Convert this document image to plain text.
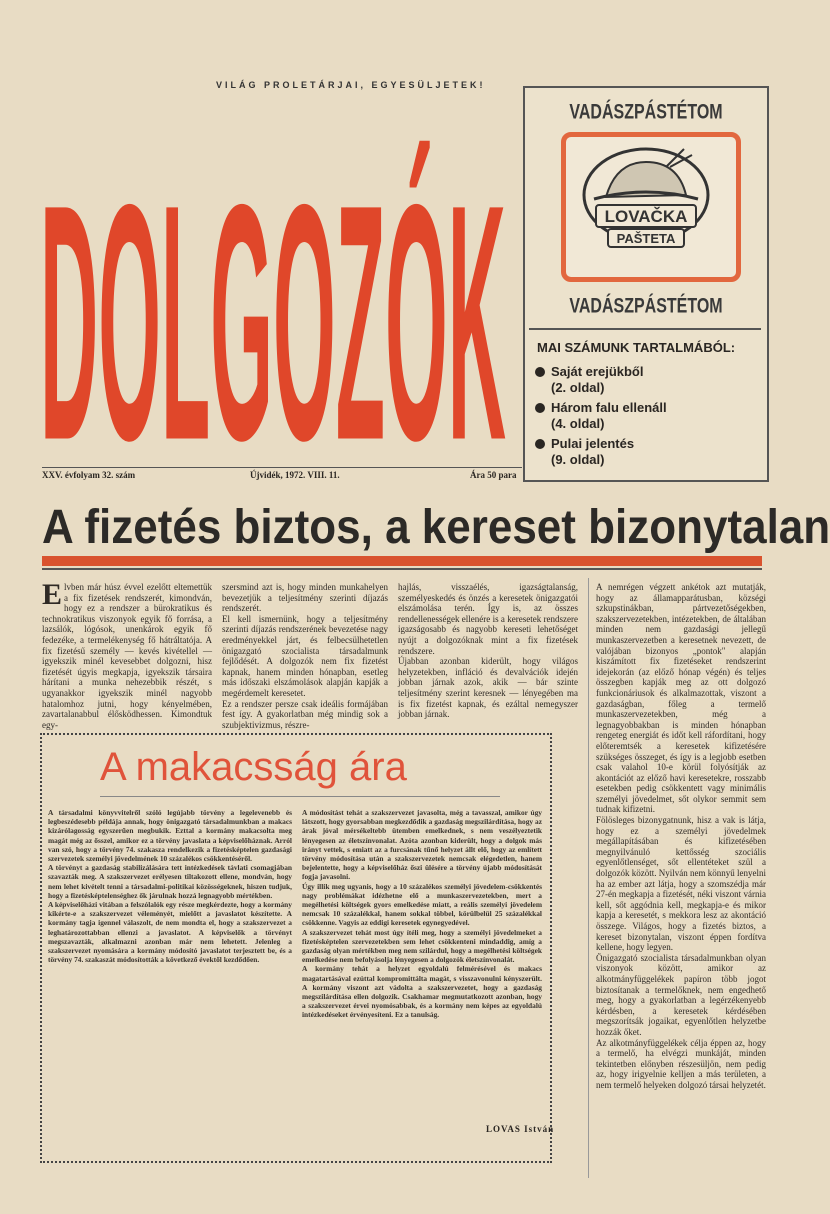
VILÁG PROLETÁRJAI, EGYESÜLJETEK!
DOLGOZÓK
XXV. évfolyam 32. szám	Újvidék, 1972. VIII. 11.	Ára 50 para
VADÁSZPÁSTÉTOM
LOVAČKA
PAŠTETA
VADÁSZPÁSTÉTOM
MAI SZÁMUNK TARTALMÁBÓL:
Saját erejükből
(2. oldal)
Három falu ellenáll
(4. oldal)
Pulai jelentés
(9. oldal)
A fizetés biztos, a kereset bizonytalan
Elvben már húsz évvel ezelőtt eltemettük a fix fizetések rendszerét, kimondván, hogy ez a rendszer a bürokratikus és technokratikus viszonyok egyik fő forrása, a lazsálók, lógósok, unenkárok egyik fő fedezéke, a termelékenység fő hátráltatója. A fix fizetésű személy — kevés kivétellel — igyekszik minél kevesebbet dolgozni, hisz fizetését úgyis megkapja, igyekszik társaira hárítani a munka nehezebbik részét, s ugyanakkor igyekszik minél nagyobb hatalomhoz jutni, hogy kényelmében, zavartalanabbul élősködhessen. Kimondtuk egy-
szersmind azt is, hogy minden munkahelyen bevezetjük a teljesítmény szerinti díjazás rendszerét.
El kell ismernünk, hogy a teljesítmény szerinti díjazás rendszerének bevezetése nagy eredményekkel járt, és felbecsülhetetlen önigazgató szocialista társadalmunk fejlődését. A dolgozók nem fix fizetést kapnak, hanem minden hónapban, esetleg más időszaki elszámolások alapján kapják a megérdemelt keresetet.
Ez a rendszer persze csak ideális formájában fest így. A gyakorlatban még mindig sok a szubjektivizmus, részre-
hajlás, visszaélés, igazságtalanság, személyeskedés és önzés a keresetek önigazgatói elszámolása terén. Így is, az összes rendellenességek ellenére is a keresetek rendszere igazságosabb és nagyobb kereseti lehetőséget nyújt a dolgozóknak mint a fix fizetések rendszere.
Újabban azonban kiderült, hogy világos helyzetekben, infláció és devalvációk idején jobban járnak azok, akik — bár szinte teljesítmény szerint keresnek — lényegében ma is fix fizetést kapnak, és ezáltal nemegyszer jobban járnak.
A nemrégen végzett ankétok azt mutatják, hogy az államapparátusban, községi szkupstinákban, pártvezetőségekben, szakszervezetekben, intézetekben, de általában minden nem gazdasági jellegű munkaszervezetben a keresetnek nevezett, de valójában bizonyos „pontok" alapján kiszámított fix fizetéseket rendszerint idejekorán (az előző hónap végén) és teljes összegben kapják meg az ott dolgozó funkcionáriusok és alkalmazottak, viszont a gazdaságban, főleg a termelő munkaszervezetekben, még a legnagyobbakban is minden hónapban rengeteg energiát és időt kell ráfordítani, hogy előteremtsék a keresetek kifizetésére szükséges összeget, és így is a legjobb esetben csak valahol 10-e körül folyósítják az akontációt az előző havi keresetekre, rosszabb esetekben pedig csökkentett vagy minimális személyi jövedelmet, sőt olykor semmit sem tudnak kifizetni.
Fölösleges bizonygatnunk, hisz a vak is látja, hogy ez a személyi jövedelmek megállapításában és kifizetésében megnyilvánuló kettősség szociális egyenlőtlenséget, sőt ellentéteket szül a dolgozók között. Nyilván nem könnyű lenyelni ha az ember azt látja, hogy a szomszédja már 27-én megkapja a fizetését, néki viszont várnia kell, sőt aggódnia kell, megkapja-e és mikor kapja a keresetét, s mekkora lesz az akontáció összege. Világos, hogy a fizetés biztos, a kereset bizonytalan, viszont éppen fordítva kellene, hogy legyen.
Önigazgató szocialista társadalmunkban olyan viszonyok között, amikor az alkotmányfüggelékek papíron több jogot biztosítanak a termelőknek, nem engedhető meg, hogy a gyakorlatban a legérzékenyebb kérdésben, a keresetek kérdésében megszorítsák jogaikat, egyenlőtlen helyzetbe hozzák őket.
Az alkotmányfüggelékek célja éppen az, hogy a termelő, ha elvégzi munkáját, minden tekintetben előnyben részesüljön, nem pedig az, hogy irigyelnie kelljen a más területen, a nem termelő helyeken dolgozó társai helyzetét.
A makacsság ára
A társadalmi könyvvitelről szóló legújabb törvény a legelevenebb és legbeszédesebb példája annak, hogy önigazgató társadalmunkban a makacs kizárólagosság egyszerűen megbukik. Ezttal a kormány makacsolta meg magát még az ősszel, amikor ez a törvény javaslata a képviselőháznak. Arról van szó, hogy a törvény 74. szakasza rendelkezik a fizetésképtelen gazdasági szervezetek személyi jövedelmének 10 százalékos csökkentéséről.
A törvényt a gazdaság stabilizálására tett intézkedések távlati csomagjában szavazták meg. A szakszervezet erélyesen tiltakozott ellene, mondván, hogy nem lehet kivételt tenni a társadalmi-politikai közösségeknek, hiszen tudjuk, hogy a fizetésképtelenséghez ők járulnak hozzá legnagyobb mértékben.
A képviselőházi vitában a felszólalók egy része megkérdezte, hogy a kormány kikérte-e a szakszervezet véleményét, mielőtt a javaslatot készítette. A kormány tagja igennel válaszolt, de nem mondta el, hogy a szakszervezet a leghatározottabban ellenzi a javaslatot. A képviselők a törvényt megszavazták, alkalmazni azonban már nem lehetett. Jelenleg a szakszervezet nyomására a kormány módosító javaslatot terjesztett be, és a törvény 74. szakaszát módosították a következő évektől kezdődően.
A módosítást tehát a szakszervezet javasolta, még a tavasszal, amikor úgy látszott, hogy gyorsabban megkezdődik a gazdaság megszilárdítása, hogy az árak jóval mérsékeltebb ütemben emelkednek, s nem veszélyeztetik lényegesen az életszínvonalat. Azóta azonban kiderült, hogy a dolgok más irányt vettek, s emiatt az a furcsának tűnő helyzet állt elő, hogy az említett törvény módosítása után a szakszervezetek nemcsak elégedetlen, hanem bejelentette, hogy a képviselőház őszi ülésére a törvény újabb módosítását fogja javasolni.
Úgy illik meg ugyanis, hogy a 10 százalékos személyi jövedelem-csökkentés nagy problémákat idézhetne elő a munkaszervezetekben, mert a megélhetési költségek gyors emelkedése miatt, a reális személyi jövedelem nemcsak 10 százalékkal, hanem sokkal többel, körülbelül 25 százalékkal csökkenne. Vagyis az eddigi keresetek egynegyedével.
A szakszervezet tehát most úgy ítéli meg, hogy a személyi jövedelmeket a fizetésképtelen szervezetekben sem lehet csökkenteni mindaddig, amíg a gazdaság olyan mértékben meg nem szilárdul, hogy a megélhetési költségek emelkedése nem befolyásolja lényegesen a dolgozók életszínvonalát.
A kormány tehát a helyzet egyoldalú felmérésével és makacs magatartásával ezúttal kompromittálta magát, s visszavonulni kényszerült. A kormány viszont azt vádolta a szakszervezetet, hogy a gazdaság megszilárdítása ellen dolgozik. Csakhamar megmutatkozott azonban, hogy a szakszervezet érvei nyomósabbak, és a kormány nem képes az egyoldalú intézkedéseket érvényesíteni. Ez a tanulság.
LOVAS István
